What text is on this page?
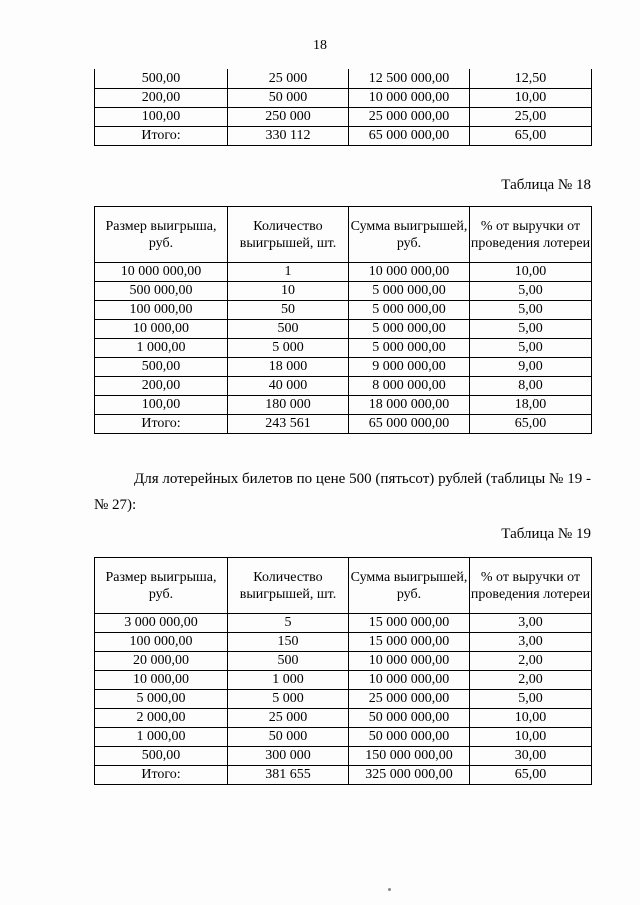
18
500,00	25 000	12 500 000,00	12,50
200,00	50 000	10 000 000,00	10,00
100,00	250 000	25 000 000,00	25,00
Итого:	330 112	65 000 000,00	65,00
Таблица № 18
Размер выигрыша, руб.	Количество выигрышей, шт.	Сумма выигрышей, руб.	% от выручки от проведения лотереи
10 000 000,00	1	10 000 000,00	10,00
500 000,00	10	5 000 000,00	5,00
100 000,00	50	5 000 000,00	5,00
10 000,00	500	5 000 000,00	5,00
1 000,00	5 000	5 000 000,00	5,00
500,00	18 000	9 000 000,00	9,00
200,00	40 000	8 000 000,00	8,00
100,00	180 000	18 000 000,00	18,00
Итого:	243 561	65 000 000,00	65,00
Для лотерейных билетов по цене 500 (пятьсот) рублей (таблицы № 19 - № 27):
Таблица № 19
Размер выигрыша, руб.	Количество выигрышей, шт.	Сумма выигрышей, руб.	% от выручки от проведения лотереи
3 000 000,00	5	15 000 000,00	3,00
100 000,00	150	15 000 000,00	3,00
20 000,00	500	10 000 000,00	2,00
10 000,00	1 000	10 000 000,00	2,00
5 000,00	5 000	25 000 000,00	5,00
2 000,00	25 000	50 000 000,00	10,00
1 000,00	50 000	50 000 000,00	10,00
500,00	300 000	150 000 000,00	30,00
Итого:	381 655	325 000 000,00	65,00
